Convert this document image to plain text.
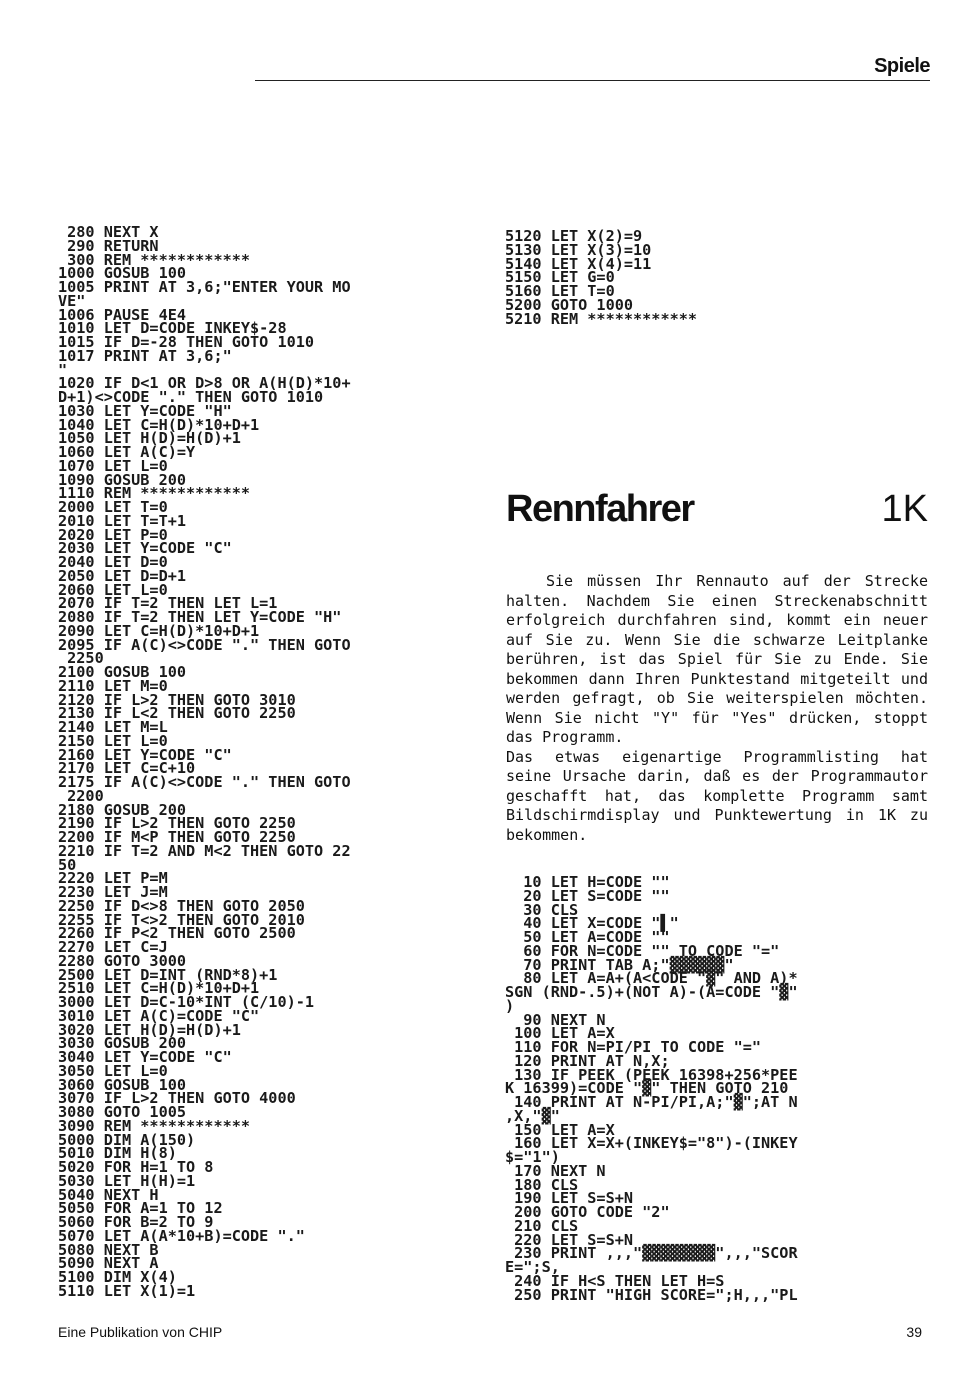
Spiele
280 NEXT X
290 RETURN
300 REM ************
1000 GOSUB 100
1005 PRINT AT 3,6;"ENTER YOUR MO
VE"
1006 PAUSE 4E4
1010 LET D=CODE INKEY$-28
1015 IF D=-28 THEN GOTO 1010
1017 PRINT AT 3,6;"
"
1020 IF D<1 OR D>8 OR A(H(D)*10+
D+1)<>CODE "." THEN GOTO 1010
1030 LET Y=CODE "H"
1040 LET C=H(D)*10+D+1
1050 LET H(D)=H(D)+1
1060 LET A(C)=Y
1070 LET L=0
1090 GOSUB 200
1110 REM ************
2000 LET T=0
2010 LET T=T+1
2020 LET P=0
2030 LET Y=CODE "C"
2040 LET D=0
2050 LET D=D+1
2060 LET L=0
2070 IF T=2 THEN LET L=1
2080 IF T=2 THEN LET Y=CODE "H"
2090 LET C=H(D)*10+D+1
2095 IF A(C)<>CODE "." THEN GOTO
2250
2100 GOSUB 100
2110 LET M=0
2120 IF L>2 THEN GOTO 3010
2130 IF L<2 THEN GOTO 2250
2140 LET M=L
2150 LET L=0
2160 LET Y=CODE "C"
2170 LET C=C+10
2175 IF A(C)<>CODE "." THEN GOTO
2200
2180 GOSUB 200
2190 IF L>2 THEN GOTO 2250
2200 IF M<P THEN GOTO 2250
2210 IF T=2 AND M<2 THEN GOTO 22
50
2220 LET P=M
2230 LET J=M
2250 IF D<>8 THEN GOTO 2050
2255 IF T<>2 THEN GOTO 2010
2260 IF P<2 THEN GOTO 2500
2270 LET C=J
2280 GOTO 3000
2500 LET D=INT (RND*8)+1
2510 LET C=H(D)*10+D+1
3000 LET D=C-10*INT (C/10)-1
3010 LET A(C)=CODE "C"
3020 LET H(D)=H(D)+1
3030 GOSUB 200
3040 LET Y=CODE "C"
3050 LET L=0
3060 GOSUB 100
3070 IF L>2 THEN GOTO 4000
3080 GOTO 1005
3090 REM ************
5000 DIM A(150)
5010 DIM H(8)
5020 FOR H=1 TO 8
5030 LET H(H)=1
5040 NEXT H
5050 FOR A=1 TO 12
5060 FOR B=2 TO 9
5070 LET A(A*10+B)=CODE "."
5080 NEXT B
5090 NEXT A
5100 DIM X(4)
5110 LET X(1)=1
5120 LET X(2)=9
5130 LET X(3)=10
5140 LET X(4)=11
5150 LET G=0
5160 LET T=0
5200 GOTO 1000
5210 REM ************
Rennfahrer	1K

Sie müssen Ihr Rennauto auf der Strecke halten. Nachdem Sie einen Streckenabschnitt erfolgreich durchfahren sind, kommt ein neuer auf Sie zu. Wenn Sie die schwarze Leitplanke berühren, ist das Spiel für Sie zu Ende. Sie bekommen dann Ihren Punktestand mitgeteilt und werden gefragt, ob Sie weiterspielen möchten. Wenn Sie nicht "Y" für "Yes" drücken, stoppt das Programm.

Das etwas eigenartige Programmlisting hat seine Ursache darin, daß es der Programmautor geschafft hat, das komplette Programm samt Bildschirmdisplay und Punktewertung in 1K zu bekommen.

10 LET H=CODE ""
20 LET S=CODE ""
30 CLS
40 LET X=CODE "▌"
50 LET A=CODE ""
60 FOR N=CODE "" TO CODE "="
70 PRINT TAB A;"▓▓▓▓▓▓"
80 LET A=A+(A<CODE "▓" AND A)*
SGN (RND-.5)+(NOT A)-(A=CODE "▓"
)
90 NEXT N
100 LET A=X
110 FOR N=PI/PI TO CODE "="
120 PRINT AT N,X;
130 IF PEEK (PEEK 16398+256*PEE
K 16399)=CODE "▓" THEN GOTO 210
140 PRINT AT N-PI/PI,A;"▓";AT N
,X,"▓"
150 LET A=X
160 LET X=X+(INKEY$="8")-(INKEY
$="1")
170 NEXT N
180 CLS
190 LET S=S+N
200 GOTO CODE "2"
210 CLS
220 LET S=S+N
230 PRINT ,,,"▓▓▓▓▓▓▓▓",,,"SCOR
E=";S,
240 IF H<S THEN LET H=S
250 PRINT "HIGH SCORE=";H,,,"PL
Eine Publikation von CHIP	39
